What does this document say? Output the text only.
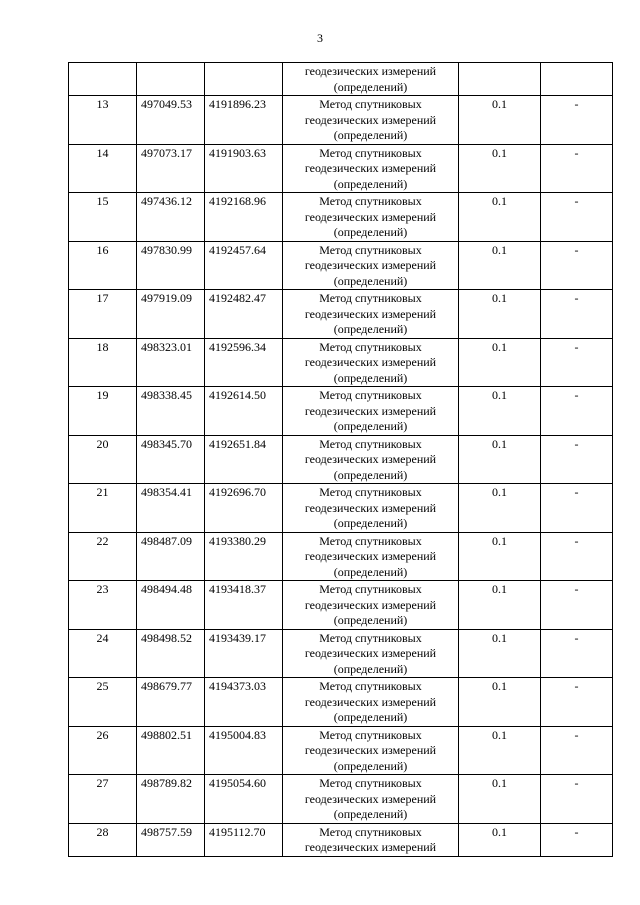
3

			геодезических измерений
(определений)		

13	497049.53	4191896.23	Метод спутниковых
геодезических измерений
(определений)	0.1	-
14	497073.17	4191903.63	Метод спутниковых
геодезических измерений
(определений)	0.1	-
15	497436.12	4192168.96	Метод спутниковых
геодезических измерений
(определений)	0.1	-
16	497830.99	4192457.64	Метод спутниковых
геодезических измерений
(определений)	0.1	-
17	497919.09	4192482.47	Метод спутниковых
геодезических измерений
(определений)	0.1	-
18	498323.01	4192596.34	Метод спутниковых
геодезических измерений
(определений)	0.1	-
19	498338.45	4192614.50	Метод спутниковых
геодезических измерений
(определений)	0.1	-
20	498345.70	4192651.84	Метод спутниковых
геодезических измерений
(определений)	0.1	-
21	498354.41	4192696.70	Метод спутниковых
геодезических измерений
(определений)	0.1	-
22	498487.09	4193380.29	Метод спутниковых
геодезических измерений
(определений)	0.1	-
23	498494.48	4193418.37	Метод спутниковых
геодезических измерений
(определений)	0.1	-
24	498498.52	4193439.17	Метод спутниковых
геодезических измерений
(определений)	0.1	-
25	498679.77	4194373.03	Метод спутниковых
геодезических измерений
(определений)	0.1	-
26	498802.51	4195004.83	Метод спутниковых
геодезических измерений
(определений)	0.1	-
27	498789.82	4195054.60	Метод спутниковых
геодезических измерений
(определений)	0.1	-
28	498757.59	4195112.70	Метод спутниковых
геодезических измерений	0.1	-
